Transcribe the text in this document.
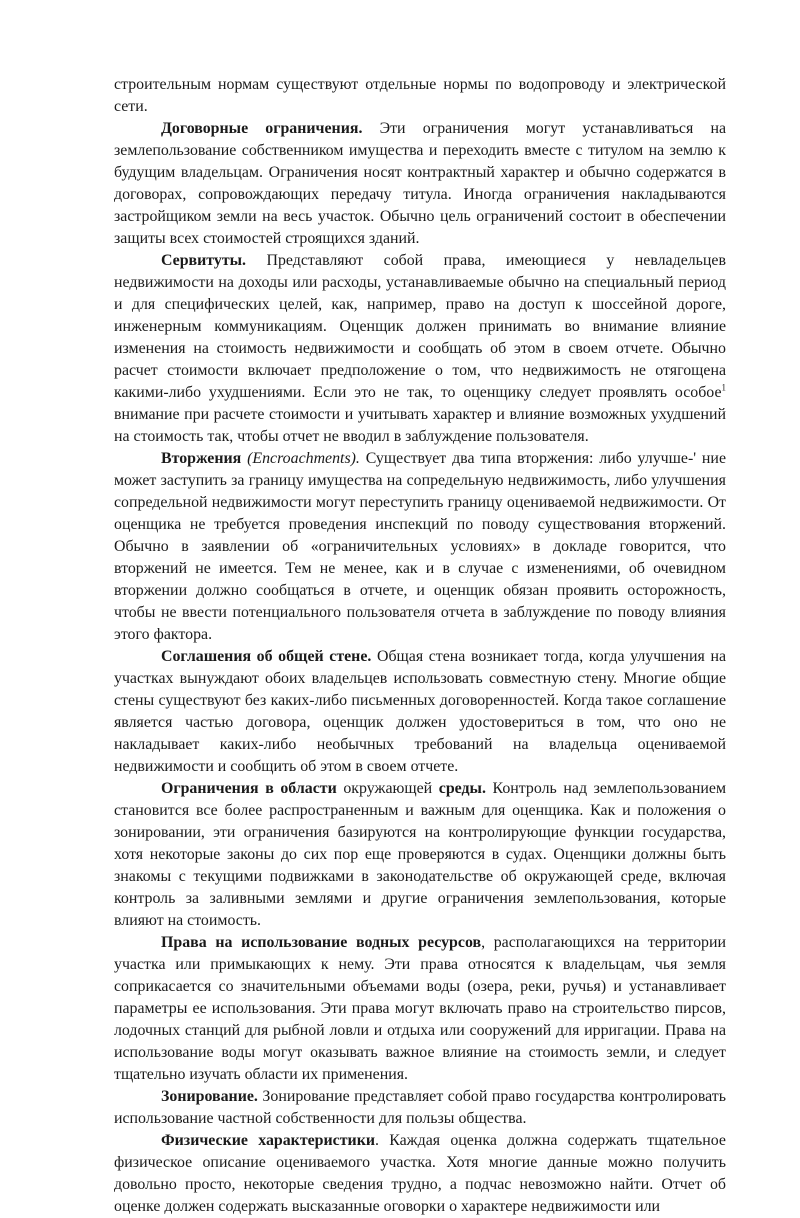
строительным нормам существуют отдельные нормы по водопроводу и электрической сети.

Договорные ограничения. Эти ограничения могут устанавливаться на землепользование собственником имущества и переходить вместе с титулом на землю к будущим владельцам. Ограничения носят контрактный характер и обычно содержатся в договорах, сопровождающих передачу титула. Иногда ограничения накладываются застройщиком земли на весь участок. Обычно цель ограничений состоит в обеспечении защиты всех стоимостей строящихся зданий.

Сервитуты. Представляют собой права, имеющиеся у невладельцев недвижимости на доходы или расходы, устанавливаемые обычно на специальный период и для специфических целей, как, например, право на доступ к шоссейной дороге, инженерным коммуникациям. Оценщик должен принимать во внимание влияние изменения на стоимость недвижимости и сообщать об этом в своем отчете. Обычно расчет стоимости включает предположение о том, что недвижимость не отягощена какими-либо ухудшениями. Если это не так, то оценщику следует проявлять особое$^1$ внимание при расчете стоимости и учитывать характер и влияние возможных ухудшений на стоимость так, чтобы отчет не вводил в заблуждение пользователя.

Вторжения (Encroachments). Существует два типа вторжения: либо улучше-' ние может заступить за границу имущества на сопредельную недвижимость, либо улучшения сопредельной недвижимости могут переступить границу оцениваемой недвижимости. От оценщика не требуется проведения инспекций по поводу существования вторжений. Обычно в заявлении об «ограничительных условиях» в докладе говорится, что вторжений не имеется. Тем не менее, как и в случае с изменениями, об очевидном вторжении должно сообщаться в отчете, и оценщик обязан проявить осторожность, чтобы не ввести потенциального пользователя отчета в заблуждение по поводу влияния этого фактора.

Соглашения об общей стене. Общая стена возникает тогда, когда улучшения на участках вынуждают обоих владельцев использовать совместную стену. Многие общие стены существуют без каких-либо письменных договоренностей. Когда такое соглашение является частью договора, оценщик должен удостовериться в том, что оно не накладывает каких-либо необычных требований на владельца оцениваемой недвижимости и сообщить об этом в своем отчете.

Ограничения в области окружающей среды. Контроль над землепользованием становится все более распространенным и важным для оценщика. Как и положения о зонировании, эти ограничения базируются на контролирующие функции государства, хотя некоторые законы до сих пор еще проверяются в судах. Оценщики должны быть знакомы с текущими подвижками в законодательстве об окружающей среде, включая контроль за заливными землями и другие ограничения землепользования, которые влияют на стоимость.

Права на использование водных ресурсов, располагающихся на территории участка или примыкающих к нему. Эти права относятся к владельцам, чья земля соприкасается со значительными объемами воды (озера, реки, ручья) и устанавливает параметры ее использования. Эти права могут включать право на строительство пирсов, лодочных станций для рыбной ловли и отдыха или сооружений для ирригации. Права на использование воды могут оказывать важное влияние на стоимость земли, и следует тщательно изучать области их применения.

Зонирование. Зонирование представляет собой право государства контролировать использование частной собственности для пользы общества.

Физические характеристики. Каждая оценка должна содержать тщательное физическое описание оцениваемого участка. Хотя многие данные можно получить довольно просто, некоторые сведения трудно, а подчас невозможно найти. Отчет об оценке должен содержать высказанные оговорки о характере недвижимости или
